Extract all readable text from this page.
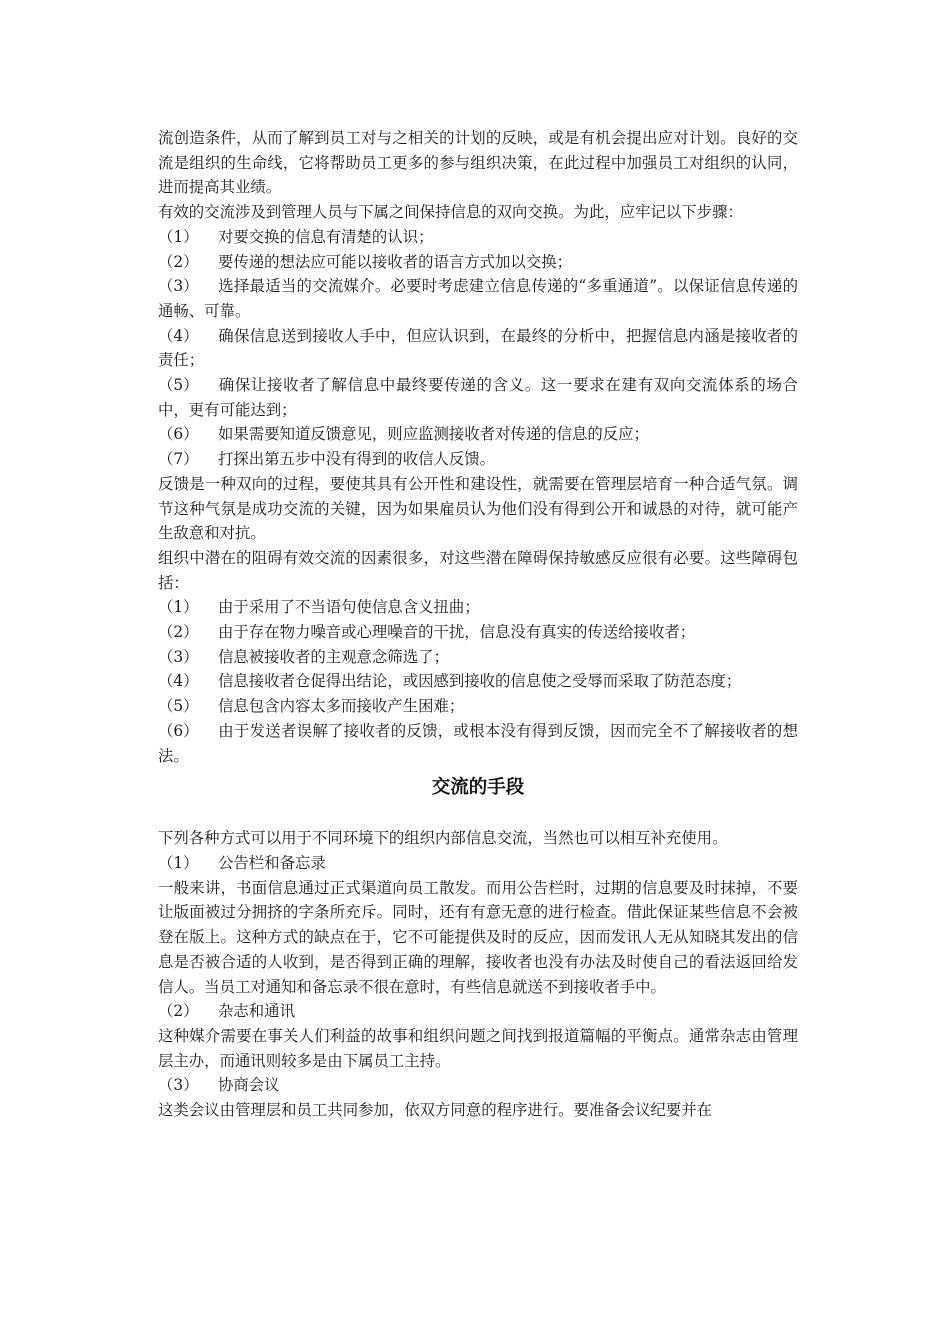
流创造条件，从而了解到员工对与之相关的计划的反映，或是有机会提出应对计划。良好的交流是组织的生命线，它将帮助员工更多的参与组织决策，在此过程中加强员工对组织的认同，进而提高其业绩。

有效的交流涉及到管理人员与下属之间保持信息的双向交换。为此，应牢记以下步骤：

（1） 对要交换的信息有清楚的认识；

（2） 要传递的想法应可能以接收者的语言方式加以交换；

（3） 选择最适当的交流媒介。必要时考虑建立信息传递的“多重通道”。以保证信息传递的通畅、可靠。

（4） 确保信息送到接收人手中，但应认识到，在最终的分析中，把握信息内涵是接收者的责任；

（5） 确保让接收者了解信息中最终要传递的含义。这一要求在建有双向交流体系的场合中，更有可能达到；

（6） 如果需要知道反馈意见，则应监测接收者对传递的信息的反应；

（7） 打探出第五步中没有得到的收信人反馈。

反馈是一种双向的过程，要使其具有公开性和建设性，就需要在管理层培育一种合适气氛。调节这种气氛是成功交流的关键，因为如果雇员认为他们没有得到公开和诚恳的对待，就可能产生敌意和对抗。

组织中潜在的阻碍有效交流的因素很多，对这些潜在障碍保持敏感反应很有必要。这些障碍包括：

（1） 由于采用了不当语句使信息含义扭曲；

（2） 由于存在物力噪音或心理噪音的干扰，信息没有真实的传送给接收者；

（3） 信息被接收者的主观意念筛选了；

（4） 信息接收者仓促得出结论，或因感到接收的信息使之受辱而采取了防范态度；

（5） 信息包含内容太多而接收产生困难；

（6） 由于发送者误解了接收者的反馈，或根本没有得到反馈，因而完全不了解接收者的想法。

交流的手段

下列各种方式可以用于不同环境下的组织内部信息交流，当然也可以相互补充使用。

（1） 公告栏和备忘录

一般来讲，书面信息通过正式渠道向员工散发。而用公告栏时，过期的信息要及时抹掉，不要让版面被过分拥挤的字条所充斥。同时，还有有意无意的进行检查。借此保证某些信息不会被登在版上。这种方式的缺点在于，它不可能提供及时的反应，因而发讯人无从知晓其发出的信息是否被合适的人收到，是否得到正确的理解，接收者也没有办法及时使自己的看法返回给发信人。当员工对通知和备忘录不很在意时，有些信息就送不到接收者手中。

（2） 杂志和通讯

这种媒介需要在事关人们利益的故事和组织问题之间找到报道篇幅的平衡点。通常杂志由管理层主办，而通讯则较多是由下属员工主持。

（3） 协商会议

这类会议由管理层和员工共同参加，依双方同意的程序进行。要准备会议纪要并在
